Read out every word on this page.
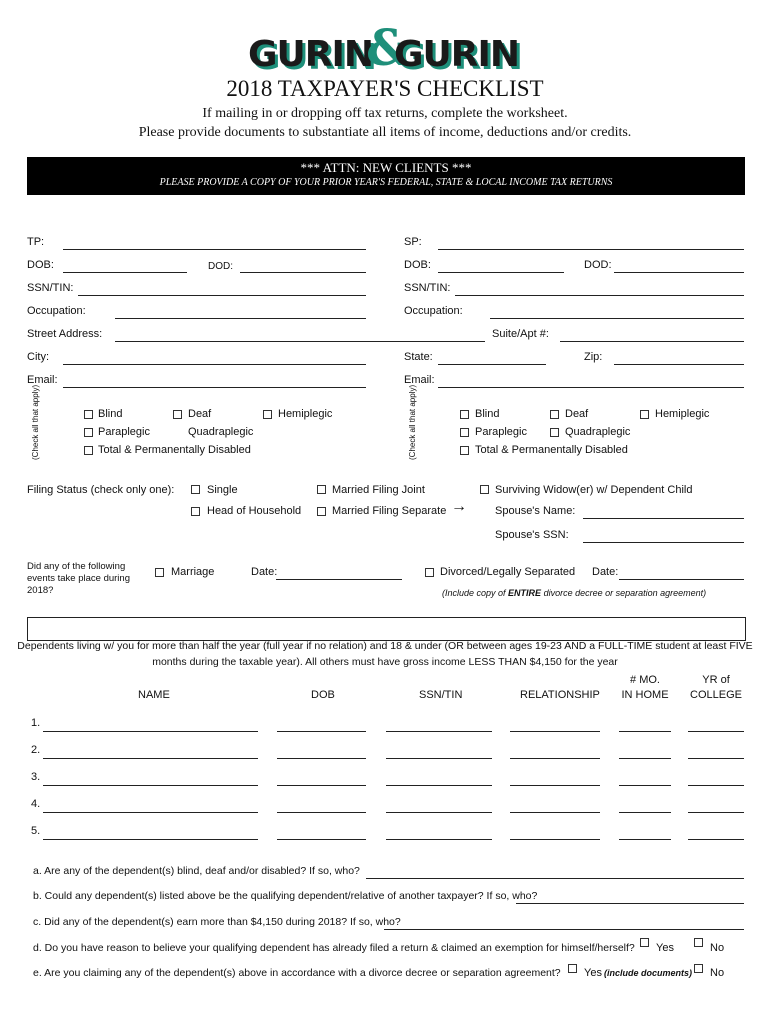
GURIN
&
GURIN
2018 TAXPAYER'S CHECKLIST
If mailing in or dropping off tax returns, complete the worksheet.
Please provide documents to substantiate all items of income, deductions and/or credits.
*** ATTN: NEW CLIENTS ***
PLEASE PROVIDE A COPY OF YOUR PRIOR YEAR'S FEDERAL, STATE & LOCAL INCOME TAX RETURNS
TP:	SP:
DOB:	DOD:	DOB:	DOD:
SSN/TIN:	SSN/TIN:
Occupation:	Occupation:
Street Address:	Suite/Apt #:
City:	State:	Zip:
Email:	Email:
(Check all that apply)	Blind	Deaf	Hemiplegic
Paraplegic	Quadraplegic
Total & Permanentally Disabled	(Check all that apply)	Blind	Deaf	Hemiplegic
Paraplegic	Quadraplegic
Total & Permanentally Disabled
Filing Status (check only one):	Single	Married Filing Joint	Surviving Widow(er) w/ Dependent Child
Head of Household	Married Filing Separate →	Spouse's Name:
Spouse's SSN:
Did any of the following events take place during 2018?
Marriage	Date:	Divorced/Legally Separated Date:
(Include copy of ENTIRE divorce decree or separation agreement)
Dependents living w/ you for more than half the year (full year if no relation) and 18 & under (OR between ages 19-23 AND a FULL-TIME student at least FIVE
months during the taxable year). All others must have gross income LESS THAN $4,150 for the year
NAME	DOB	SSN/TIN	RELATIONSHIP
# MO.
IN HOME
YR of
COLLEGE
1.
2.
3.
4.
5.
a. Are any of the dependent(s) blind, deaf and/or disabled? If so, who?
b. Could any dependent(s) listed above be the qualifying dependent/relative of another taxpayer? If so, who?
c. Did any of the dependent(s) earn more than $4,150 during 2018? If so, who?
d. Do you have reason to believe your qualifying dependent has already filed a return & claimed an exemption for himself/herself? Yes	No
e. Are you claiming any of the dependent(s) above in accordance with a divorce decree or separation agreement? Yes (include documents) No
